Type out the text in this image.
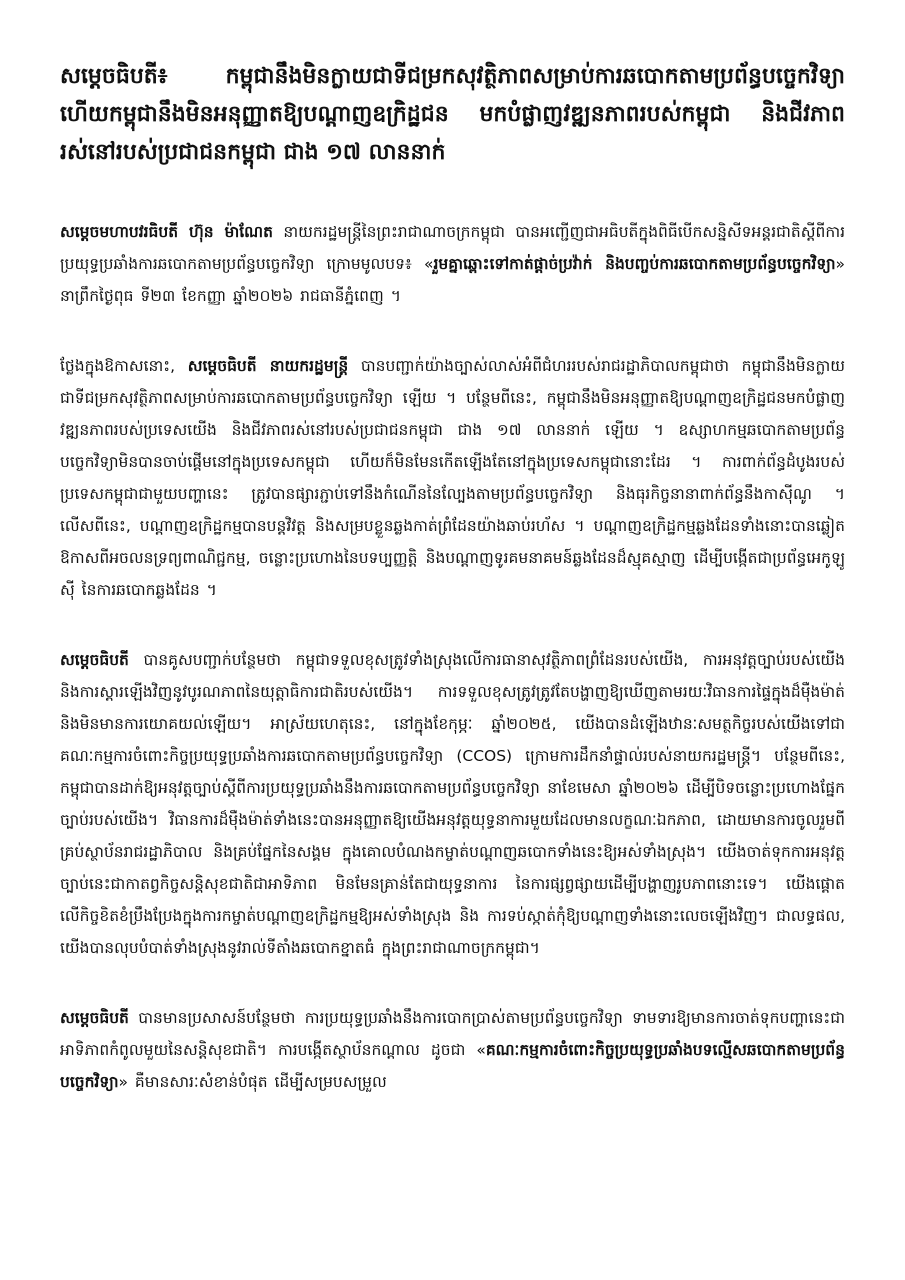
សម្តេចធិបតី៖ កម្ពុជានឹងមិនក្លាយជាទីជម្រកសុវត្ថិភាពសម្រាប់ការឆបោកតាមប្រព័ន្ធបច្ចេកវិទ្យា ហើយកម្ពុជានឹងមិនអនុញ្ញាតឱ្យបណ្តាញឧក្រិដ្ឋជន មកបំផ្លាញវឌ្ឍនភាពរបស់កម្ពុជា និងជីវភាពរស់នៅរបស់ប្រជាជនកម្ពុជា ជាង ១៧ លាននាក់

សម្តេចមហាបវរធិបតី ហ៊ុន ម៉ាណែត នាយករដ្ឋមន្ត្រីនៃព្រះរាជាណាចក្រកម្ពុជា បានអញ្ជើញជាអធិបតីក្នុងពិធីបើកសន្និសីទអន្តរជាតិស្តីពីការប្រយុទ្ធប្រឆាំងការឆបោកតាមប្រព័ន្ធបច្ចេកវិទ្យា ក្រោមមូលបទ៖ «រួមគ្នាឆ្ពោះទៅកាត់ផ្តាច់ប្រវ៉ាក់ និងបញ្ចប់ការឆបោកតាមប្រព័ន្ធបច្ចេកវិទ្យា» នាព្រឹកថ្ងៃពុធ ទី២៣ ខែកញ្ញា ឆ្នាំ២០២៦ រាជធានីភ្នំពេញ ។

ថ្លែងក្នុងឱកាសនោះ, សម្តេចធិបតី នាយករដ្ឋមន្ត្រី បានបញ្ជាក់យ៉ាងច្បាស់លាស់អំពីជំហររបស់រាជរដ្ឋាភិបាលកម្ពុជាថា កម្ពុជានឹងមិនក្លាយជាទីជម្រកសុវត្ថិភាពសម្រាប់ការឆបោកតាមប្រព័ន្ធបច្ចេកវិទ្យា ឡើយ ។ បន្ថែមពីនេះ, កម្ពុជានឹងមិនអនុញ្ញាតឱ្យបណ្តាញឧក្រិដ្ឋជនមកបំផ្លាញវឌ្ឍនភាពរបស់ប្រទេសយើង និងជីវភាពរស់នៅរបស់ប្រជាជនកម្ពុជា ជាង ១៧ លាននាក់ ឡើយ ។ ឧស្សាហកម្មឆបោកតាមប្រព័ន្ធបច្ចេកវិទ្យាមិនបានចាប់ផ្តើមនៅក្នុងប្រទេសកម្ពុជា ហើយក៏មិនមែនកើតឡើងតែនៅក្នុងប្រទេសកម្ពុជានោះដែរ ។ ការពាក់ព័ន្ធដំបូងរបស់ប្រទេសកម្ពុជាជាមួយបញ្ហានេះ ត្រូវបានផ្សារភ្ជាប់ទៅនឹងកំណើននៃល្បែងតាមប្រព័ន្ធបច្ចេកវិទ្យា និងធុរកិច្ចនានាពាក់ព័ន្ធនឹងកាស៊ីណូ ។ លើសពីនេះ, បណ្តាញឧក្រិដ្ឋកម្មបានបន្តវិវត្ត និងសម្របខ្លួនឆ្លងកាត់ព្រំដែនយ៉ាងឆាប់រហ័ស ។ បណ្តាញឧក្រិដ្ឋកម្មឆ្លងដែនទាំងនោះបានឆ្លៀតឱកាសពីអចលនទ្រព្យពាណិជ្ជកម្ម, ចន្លោះប្រហោងនៃបទប្បញ្ញត្តិ និងបណ្តាញទូរគមនាគមន៍ឆ្លងដែនដ៏ស្មុគស្មាញ ដើម្បីបង្កើតជាប្រព័ន្ធអេកូឡូស៊ី នៃការឆបោកឆ្លងដែន ។

សម្តេចធិបតី បានគូសបញ្ជាក់បន្ថែមថា កម្ពុជាទទួលខុសត្រូវទាំងស្រុងលើការធានាសុវត្ថិភាពព្រំដែនរបស់យើង, ការអនុវត្តច្បាប់របស់យើង និងការស្តារឡើងវិញនូវបូរណភាពនៃយុត្តាធិការជាតិរបស់យើង។ ការទទួលខុសត្រូវត្រូវតែបង្ហាញឱ្យឃើញតាមរយៈវិធានការផ្ទៃក្នុងដ៏ម៉ឺងម៉ាត់និងមិនមានការយោគយល់ឡើយ។ អាស្រ័យហេតុនេះ, នៅក្នុងខែកុម្ភៈ ឆ្នាំ២០២៥, យើងបានដំឡើងឋានៈសមត្ថកិច្ចរបស់យើងទៅជាគណៈកម្មការចំពោះកិច្ចប្រយុទ្ធប្រឆាំងការឆបោកតាមប្រព័ន្ធបច្ចេកវិទ្យា (CCOS) ក្រោមការដឹកនាំផ្ទាល់របស់នាយករដ្ឋមន្ត្រី។ បន្ថែមពីនេះ, កម្ពុជាបានដាក់ឱ្យអនុវត្តច្បាប់ស្តីពីការប្រយុទ្ធប្រឆាំងនឹងការឆបោកតាមប្រព័ន្ធបច្ចេកវិទ្យា នាខែមេសា ឆ្នាំ២០២៦ ដើម្បីបិទចន្លោះប្រហោងផ្នែកច្បាប់របស់យើង។ វិធានការដ៏ម៉ឺងម៉ាត់ទាំងនេះបានអនុញ្ញាតឱ្យយើងអនុវត្តយុទ្ធនាការមួយដែលមានលក្ខណៈឯកភាព, ដោយមានការចូលរួមពីគ្រប់ស្ថាប័នរាជរដ្ឋាភិបាល និងគ្រប់ផ្នែកនៃសង្គម ក្នុងគោលបំណងកម្ចាត់បណ្តាញឆបោកទាំងនេះឱ្យអស់ទាំងស្រុង។ យើងចាត់ទុកការអនុវត្តច្បាប់នេះជាកាតព្វកិច្ចសន្តិសុខជាតិជាអាទិភាព មិនមែនគ្រាន់តែជាយុទ្ធនាការ នៃការផ្សព្វផ្សាយដើម្បីបង្ហាញរូបភាពនោះទេ។ យើងផ្តោតលើកិច្ចខិតខំប្រឹងប្រែងក្នុងការកម្ចាត់បណ្តាញឧក្រិដ្ឋកម្មឱ្យអស់ទាំងស្រុង និង ការទប់ស្កាត់កុំឱ្យបណ្តាញទាំងនោះលេចឡើងវិញ។ ជាលទ្ធផល, យើងបានលុបបំបាត់ទាំងស្រុងនូវរាល់ទីតាំងឆបោកខ្នាតធំ ក្នុងព្រះរាជាណាចក្រកម្ពុជា។

សម្តេចធិបតី បានមានប្រសាសន៍បន្ថែមថា ការប្រយុទ្ធប្រឆាំងនឹងការបោកប្រាស់តាមប្រព័ន្ធបច្ចេកវិទ្យា ទាមទារឱ្យមានការចាត់ទុកបញ្ហានេះជាអាទិភាពកំពូលមួយនៃសន្តិសុខជាតិ។ ការបង្កើតស្ថាប័នកណ្តាល ដូចជា «គណៈកម្មការចំពោះកិច្ចប្រយុទ្ធប្រឆាំងបទល្មើសឆបោកតាមប្រព័ន្ធបច្ចេកវិទ្យា» គឺមានសារៈសំខាន់បំផុត ដើម្បីសម្របសម្រួល
